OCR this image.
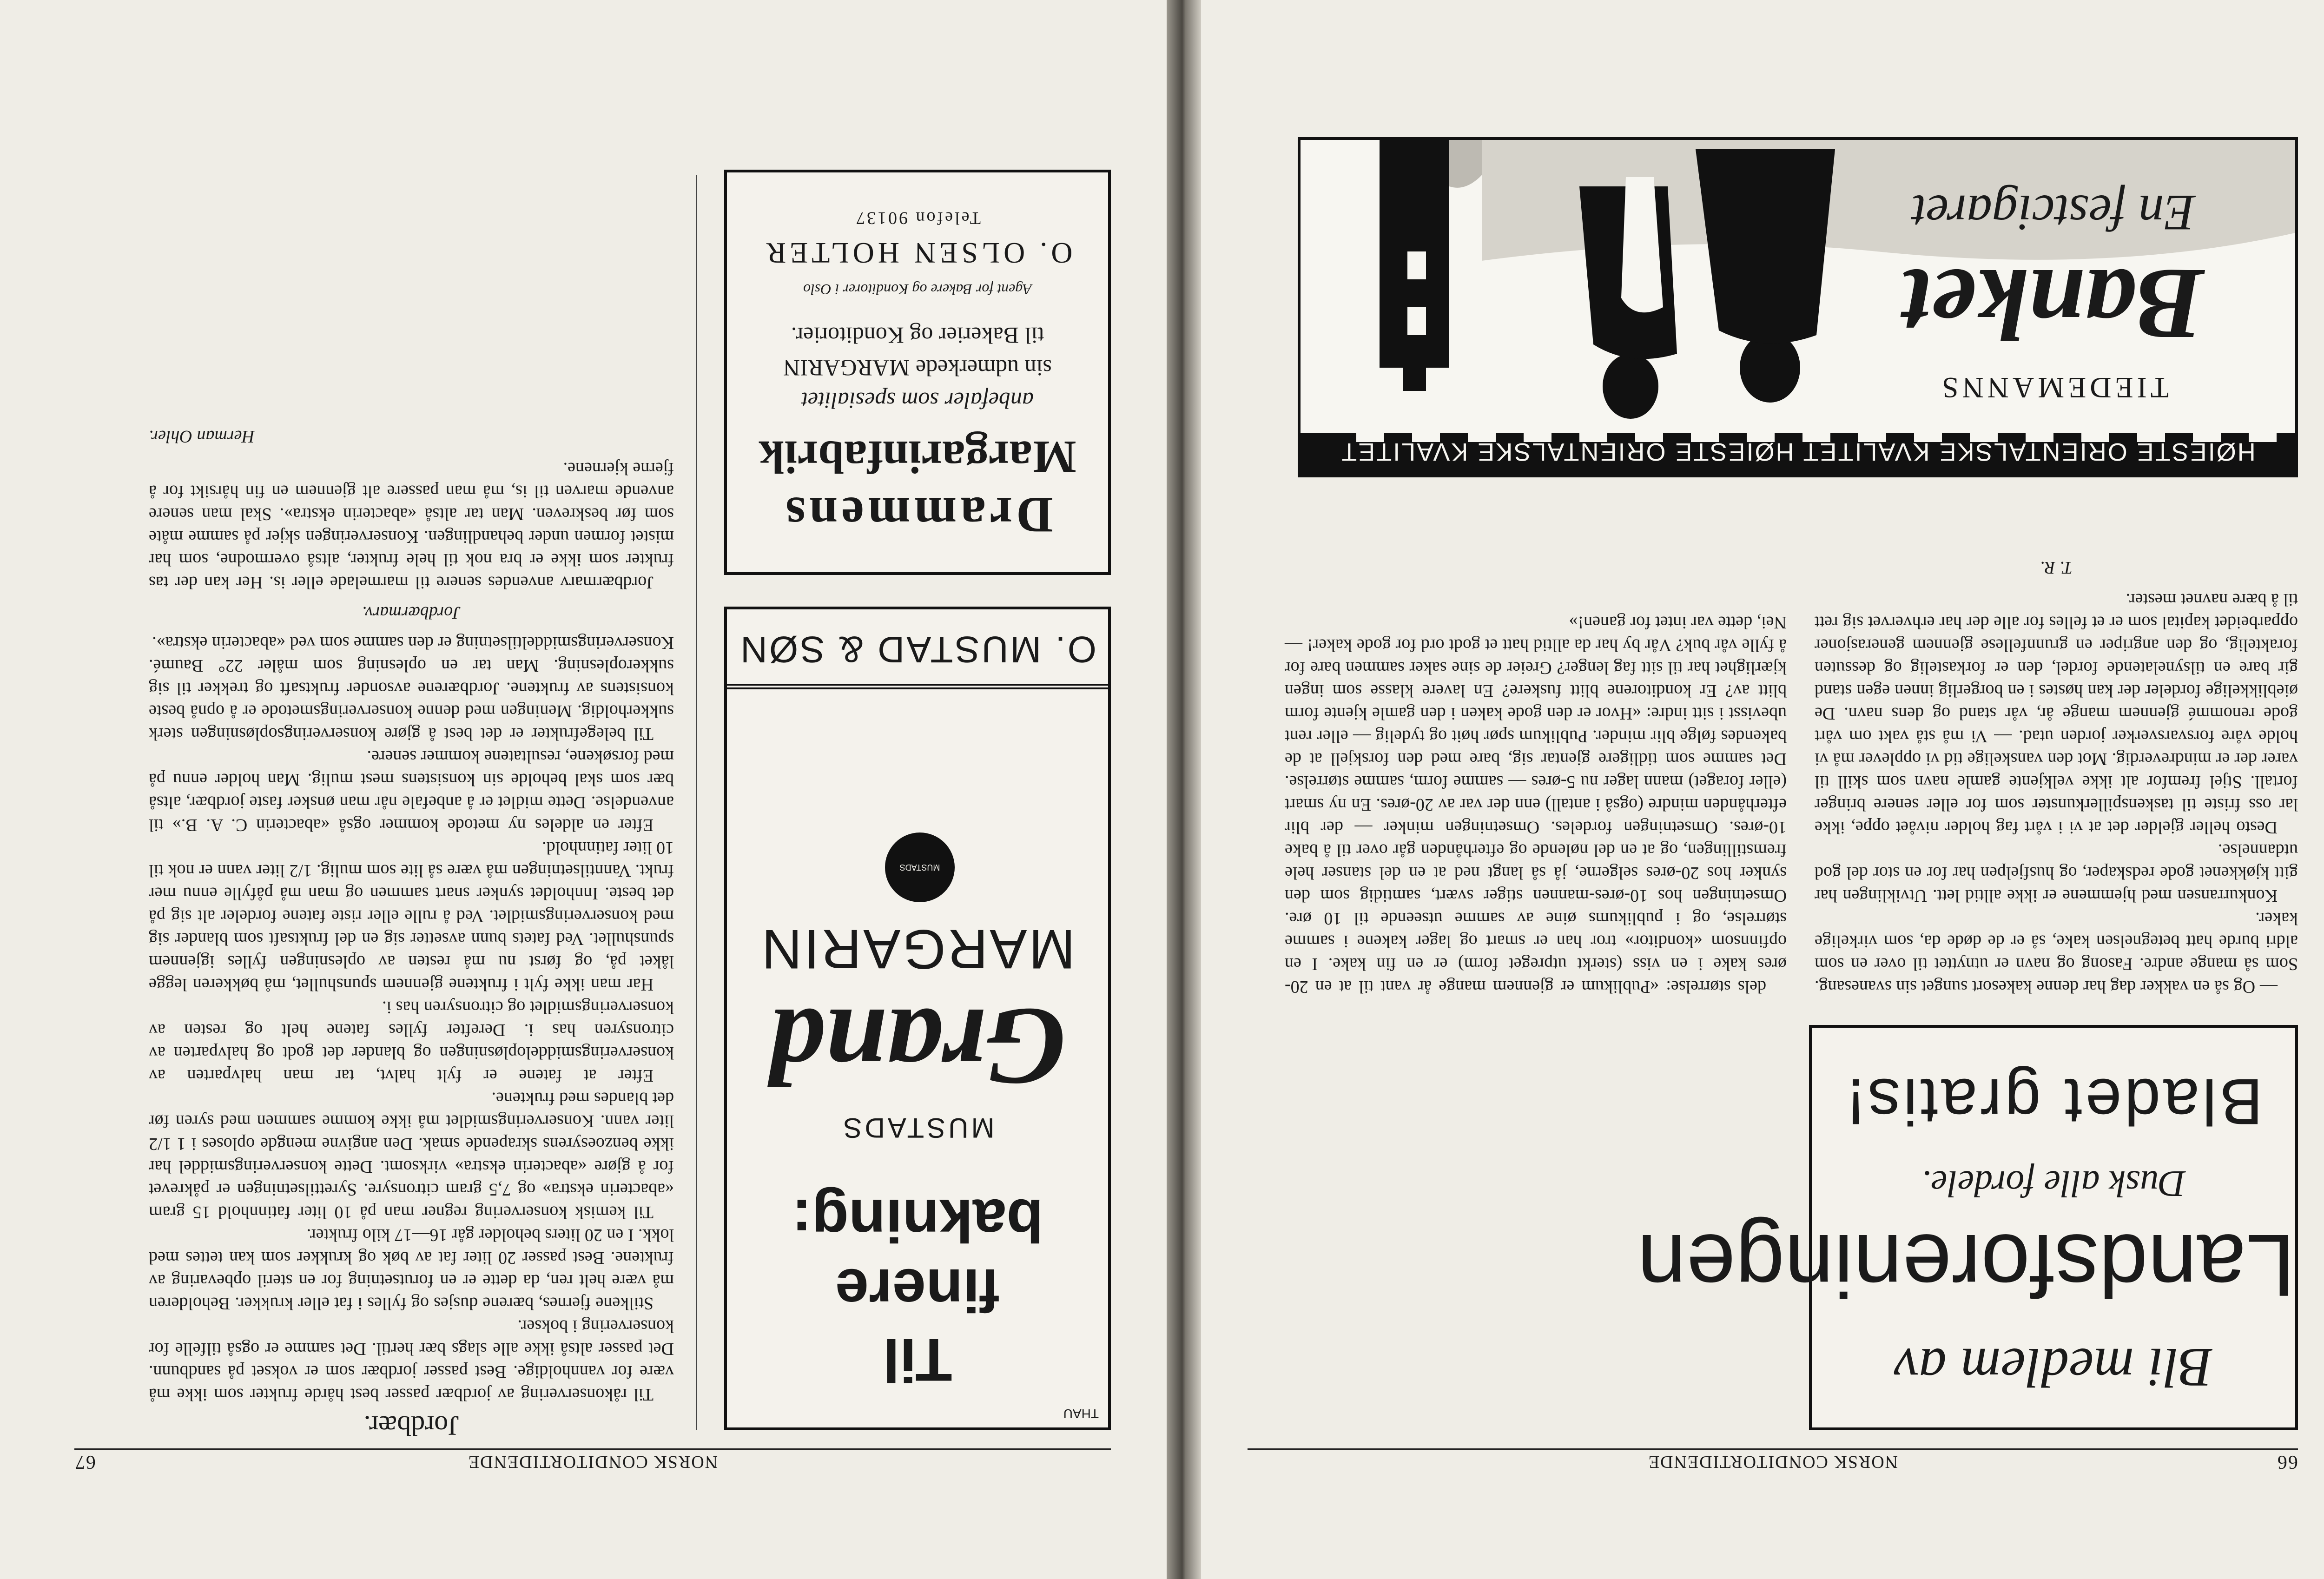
66
NORSK CONDITORTIDENDE
Bli medlem av
Landsforeningen
Dusk alle fordele.
Bladet gratis!

— Og så en vakker dag har denne kakesort sunget sin svanesang. Som så mange andre. Fasong og navn er utnyttet til over en som aldri burde hatt betegnelsen kake, så er de døde da, som virkelige kaker.

Konkurransen med hjemmene er ikke alltid lett. Utviklingen har gitt kjøkkenet gode redskaper, og husfjelpen har for en stor del god utdannelse.

Desto heller gjelder det at vi i vårt fag holder nivået oppe, ikke lar oss friste til taskenspillerkunster som for eller senere bringer fortall. Stjel fremfor alt ikke velkjente gamle navn som skill til varer der er mindreverdig. Mot den vanskelige tid vi opplever må vi holde våre forsvarsverker jorden utad. — Vi må stå vakt om vårt gode renommé gjennem mange år, vår stand og dens navn. De øieblikkelige fordeler der kan høstes i en borgerlig innen egen stand gir bare en tilsynelatende fordel, den er forkastelig og dessuten foraktelig, og den angriper en grunnfellese gjennem generasjoner opparbeidet kapital som er et felles for alle der har erhvervet sig rett til å bære navnet mester.

T. R.

dels størrelse: «Publikum er gjennem mange år vant til at en 20-øres kake i en viss (sterkt utpreget form) er en fin kake. I en opfinnsom «konditor» tror han er smart og lager kakene i samme størrelse, og i publikums øine av samme utseende til 10 øre. Omsetningen hos 10-øres-mannen stiger svært, samtidig som den synker hos 20-øres selgerne, jå så langt ned at en del stanser hele fremstillingen, og at en del nølende og efterhånden går over til å bake 10-øres. Omsetningen fordeles. Omsetningen minker — der blir efterhånden mindre (også i antall) enn der var av 20-øres. En ny smart (eller foraget) mann lager nu 5-øres — samme form, samme størrelse. Det samme som tidligere gjentar sig, bare med den forskjell at de bakendes følge blir minder. Publikum spør høit og tydelig — eller rent ubevisst i sitt indre: «Hvor er den gode kaken i den gamle kjente form blitt av? Er konditorene blitt fuskere? En lavere klasse som ingen kjærlighet har til sitt fag lenger? Greier de sine saker sammen bare for å fylle vår buk? Vår by har da alltid hatt et godt ord for gode kaker! — Nei, dette var intet for ganen!»

HØIESTE ORIENTALSKE KVALITET HØIESTE ORIENTALSKE KVALITET
TIEDEMANNS
Banket
En festcigaret
NORSK CONDITORTIDENDE
67
THAU
Til
finere
bakning:
MUSTADS
Grand
MARGARIN
MUSTADS VITAMINBERIKET
O. MUSTAD & SØN
Drammens
Margarinfabrik
anbefaler som spesialitet
sin udmerkede MARGARIN
til Bakerier og Konditorier.
Agent for Bakere og Konditorer i Oslo
O. OLSEN HOLTER
Telefon 90137
Jordbær.

Til råkonservering av jordbær passer best hårde frukter som ikke må være for vannholdige. Best passer jordbær som er vokset på sandbunn. Det passer altså ikke alle slags bær hertil. Det samme er også tilfelle for konservering i bokser.

Stilkene fjernes, bærene dusjes og fylles i fat eller krukker. Beholderen må være helt ren, da dette er en forutsetning for en steril opbevaring av fruktene. Best passer 20 liter fat av bøk og krukker som kan tettes med lokk. I en 20 liters beholder går 16—17 kilo frukter.

Til kemisk konservering regner man på 10 liter fatinnhold 15 gram «abacterin ekstra» og 7,5 gram citronsyre. Syrettilsetningen er påkrevet for å gjøre «abacterin ekstra» virksomt. Dette konserveringsmiddel har ikke benzoesyrens skrapende smak. Den angivne mengde oploses i 1 1/2 liter vann. Konserveringsmidlet må ikke komme sammen med syren før det blandes med fruktene.

Efter at fatene er fylt halvt, tar man halvparten av konserveringsmiddelopløsningen og blander det godt og halvparten av citronsyren has i. Derefter fylles fatene helt og resten av konserveringsmidlet og citronsyren has i.

Har man ikke fylt i fruktene gjennem spunshullet, må bøkkeren legge låket på, og først nu må resten av oplesningen fylles igjennem spunshullet. Ved fatets bunn avsetter sig en del fruktsaft som blander sig med konserveringsmidlet. Ved å rulle eller riste fatene fordeler alt sig på det beste. Innholdet synker snart sammen og man må påfylle ennu mer frukt. Vanntilsetningen må være så lite som mulig. 1/2 liter vann er nok til 10 liter fatinnhold.

Efter en aldeles ny metode kommer også «abacterin C. A. B.» til anvendelse. Dette midlet er å anbefale når man ønsker faste jordbær, altså bær som skal beholde sin konsistens mest mulig. Man holder ennu på med forsøkene, resultatene kommer senere.

Til belegefrukter er det best å gjøre konserveringsopløsningen sterk sukkerholdig. Meningen med denne konserveringsmetode er å opnå beste konsistens av fruktene. Jordbærene avsonder fruktsaft og trekker til sig sukkeroplesning. Man tar en oplesning som måler 22° Baumé. Konserveringsmiddeltilsetning er den samme som ved «abacterin ekstra».

Jordbærmarv.

Jordbærmarv anvendes senere til marmelade eller is. Her kan der tas frukter som ikke er bra nok til hele frukter, altså overmodne, som har mistet formen under behandlingen. Konserveringen skjer på samme måte som før beskreven. Man tar altså «abacterin ekstra». Skal man senere anvende marven til is, må man passere alt gjennem en fin hårsikt for å fjerne kjernene.

Herman Ohler.
